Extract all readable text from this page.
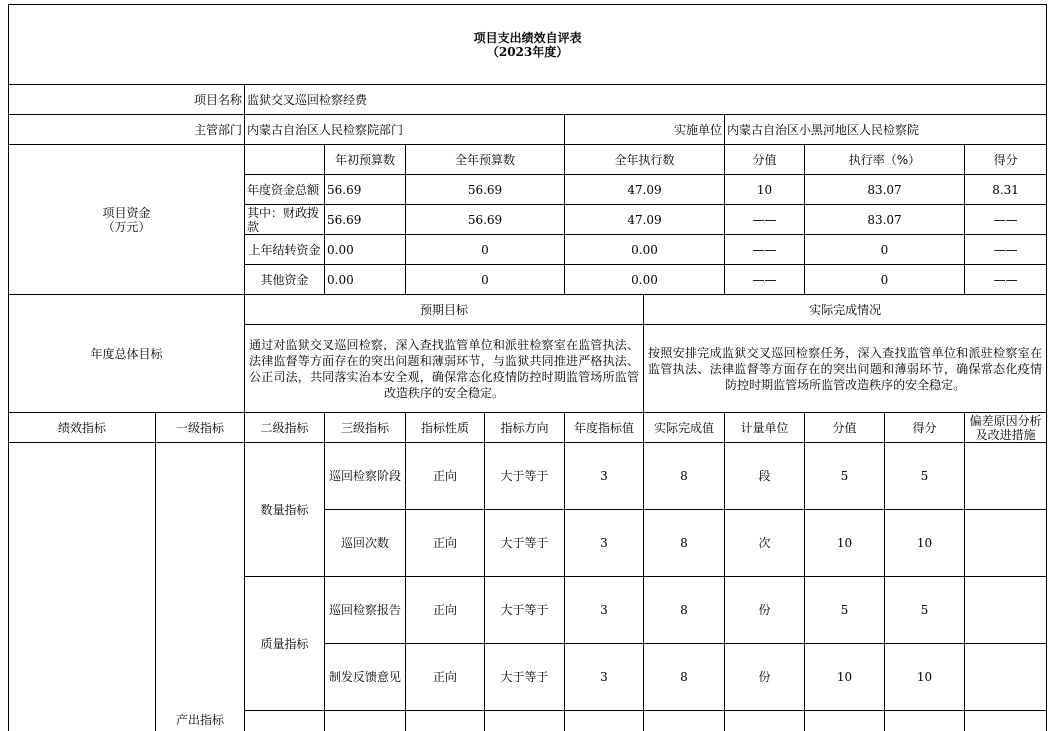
项目支出绩效自评表
（2023年度）											

项目名称		监狱交叉巡回检察经费									
主管部门		内蒙古自治区人民检察院部门				实施单位		内蒙古自治区小黑河地区人民检察院			
项目资金
（万元）			年初预算数	全年预算数		全年执行数		分值	执行率（%）		得分
		年度资金总额	56.69	56.69		47.09		10	83.07		8.31
		其中：财政拨款	56.69	56.69		47.09		——	83.07		——
		上年结转资金	0.00	0		0.00		——	0		——
		其他资金	0.00	0		0.00		——	0		——
年度总体目标		预期目标					实际完成情况				
		通过对监狱交叉巡回检察，深入查找监管单位和派驻检察室在监管执法、法律监督等方面存在的突出问题和薄弱环节，与监狱共同推进严格执法、公正司法，共同落实治本安全观，确保常态化疫情防控时期监管场所监管改造秩序的安全稳定。					按照安排完成监狱交叉巡回检察任务，深入查找监管单位和派驻检察室在监管执法、法律监督等方面存在的突出问题和薄弱环节，确保常态化疫情防控时期监管场所监管改造秩序的安全稳定。				
绩效指标	一级指标	二级指标	三级指标	指标性质	指标方向	年度指标值	实际完成值	计量单位	分值	得分	偏差原因分析及改进措施
	产出指标	数量指标	巡回检察阶段	正向	大于等于	3	8	段	5	5	
			巡回次数	正向	大于等于	3	8	次	10	10	
		质量指标	巡回检察报告	正向	大于等于	3	8	份	5	5	
			制发反馈意见	正向	大于等于	3	8	份	10	10	
